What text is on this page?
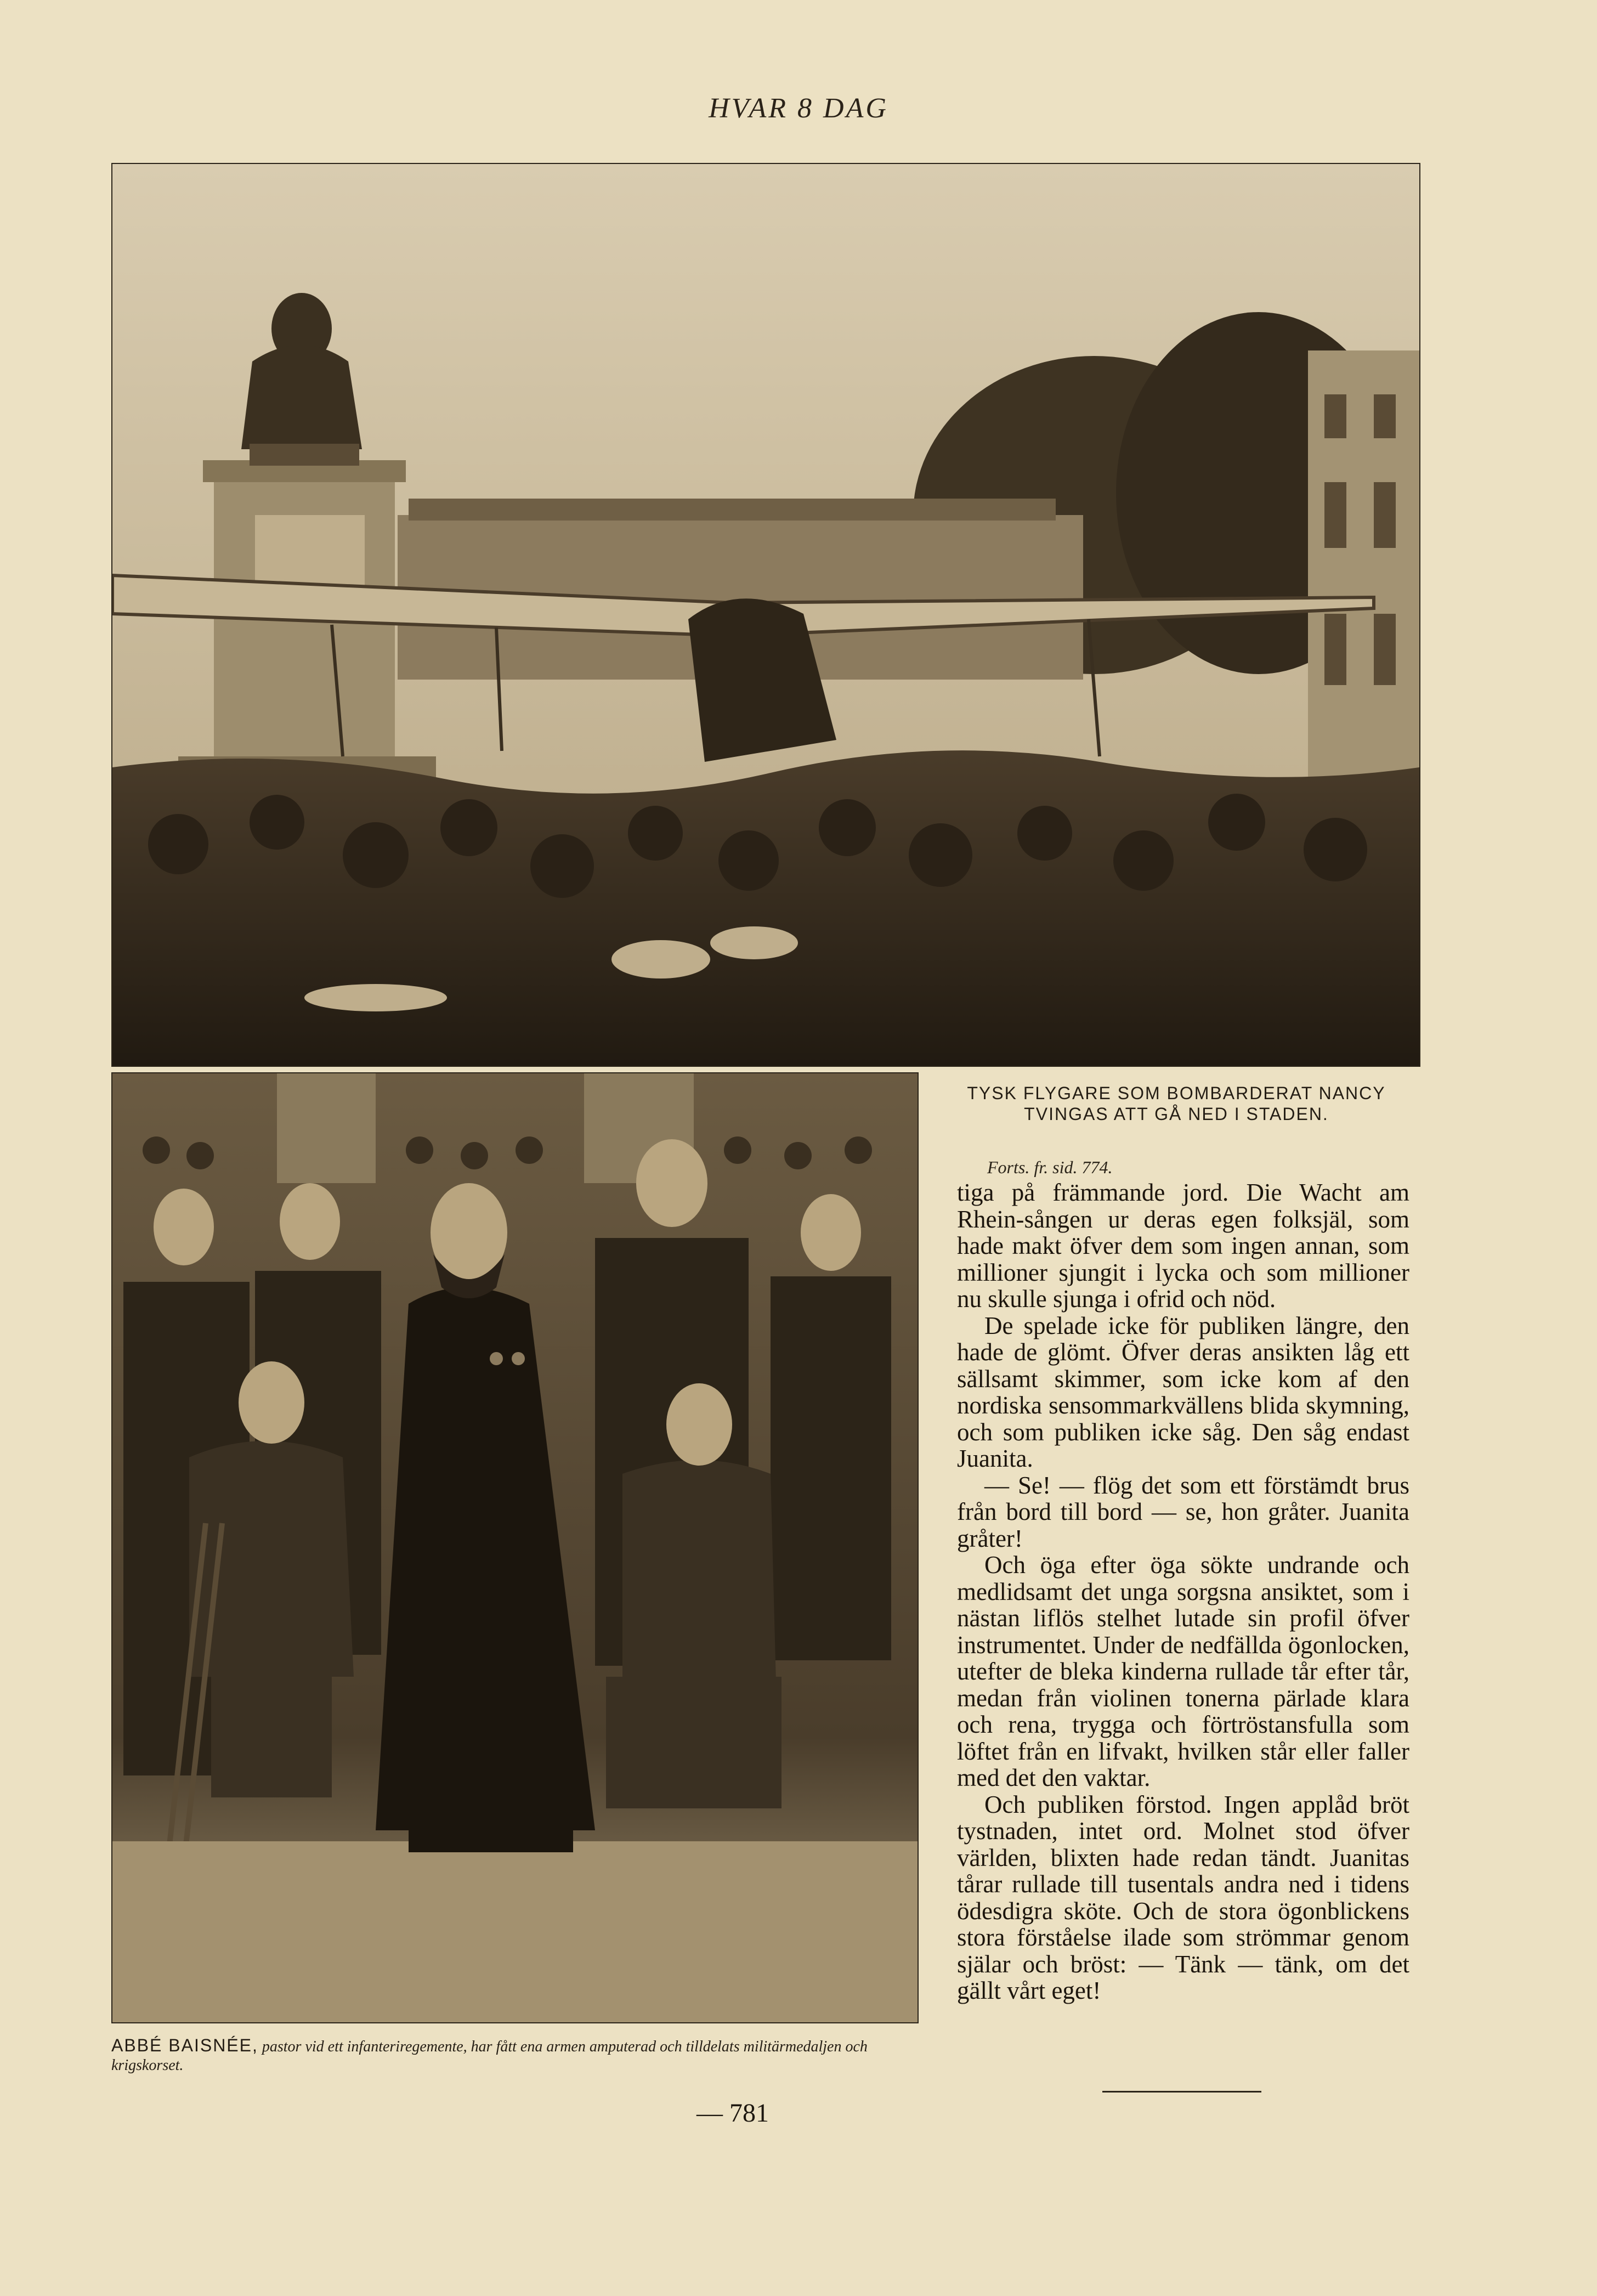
HVAR 8 DAG
TYSK FLYGARE SOM BOMBARDERAT NANCY TVINGAS ATT GÅ NED I STADEN.
ABBÉ BAISNÉE, pastor vid ett infanteriregemente, har fått ena armen amputerad och tilldelats militärmedaljen och krigskorset.
Forts. fr. sid. 774.

tiga på främmande jord. Die Wacht am Rhein-sången ur deras egen folksjäl, som hade makt öfver dem som ingen annan, som millioner sjungit i lycka och som millioner nu skulle sjunga i ofrid och nöd.

De spelade icke för publiken längre, den hade de glömt. Öfver deras ansikten låg ett sällsamt skimmer, som icke kom af den nordiska sensommarkvällens blida skymning, och som publiken icke såg. Den såg endast Juanita.

— Se! — flög det som ett förstämdt brus från bord till bord — se, hon gråter. Juanita gråter!

Och öga efter öga sökte undrande och medlidsamt det unga sorgsna ansiktet, som i nästan liflös stelhet lutade sin profil öfver instrumentet. Under de nedfällda ögonlocken, utefter de bleka kinderna rullade tår efter tår, medan från violinen tonerna pärlade klara och rena, trygga och förtröstansfulla som löftet från en lifvakt, hvilken står eller faller med det den vaktar.

Och publiken förstod. Ingen applåd bröt tystnaden, intet ord. Molnet stod öfver världen, blixten hade redan tändt. Juanitas tårar rullade till tusentals andra ned i tidens ödesdigra sköte. Och de stora ögonblickens stora förståelse ilade som strömmar genom själar och bröst: — Tänk — tänk, om det gällt vårt eget!

— 781
